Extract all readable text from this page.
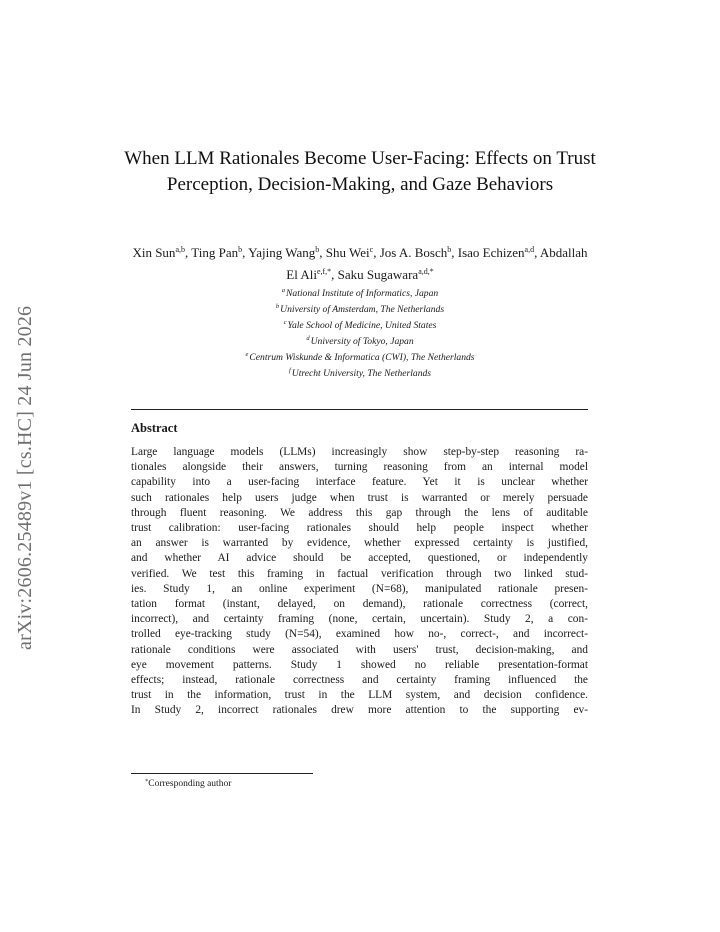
arXiv:2606.25489v1 [cs.HC] 24 Jun 2026
When LLM Rationales Become User-Facing: Effects on Trust Perception, Decision-Making, and Gaze Behaviors
Xin Sun$^{a,b}$, Ting Pan$^b$, Yajing Wang$^b$, Shu Wei$^c$, Jos A. Bosch$^b$, Isao Echizen$^{a,d}$, Abdallah El Ali$^{e,f,*}$, Saku Sugawara$^{a,d,*}$
$^a$National Institute of Informatics, Japan
$^b$University of Amsterdam, The Netherlands
$^c$Yale School of Medicine, United States
$^d$University of Tokyo, Japan
$^e$Centrum Wiskunde & Informatica (CWI), The Netherlands
$^f$Utrecht University, The Netherlands
Abstract
Large language models (LLMs) increasingly show step-by-step reasoning ra-
tionales alongside their answers, turning reasoning from an internal model
capability into a user-facing interface feature. Yet it is unclear whether
such rationales help users judge when trust is warranted or merely persuade
through fluent reasoning. We address this gap through the lens of auditable
trust calibration: user-facing rationales should help people inspect whether
an answer is warranted by evidence, whether expressed certainty is justified,
and whether AI advice should be accepted, questioned, or independently
verified. We test this framing in factual verification through two linked stud-
ies. Study 1, an online experiment (N=68), manipulated rationale presen-
tation format (instant, delayed, on demand), rationale correctness (correct,
incorrect), and certainty framing (none, certain, uncertain). Study 2, a con-
trolled eye-tracking study (N=54), examined how no-, correct-, and incorrect-
rationale conditions were associated with users' trust, decision-making, and
eye movement patterns. Study 1 showed no reliable presentation-format
effects; instead, rationale correctness and certainty framing influenced the
trust in the information, trust in the LLM system, and decision confidence.
In Study 2, incorrect rationales drew more attention to the supporting ev-
*Corresponding author
